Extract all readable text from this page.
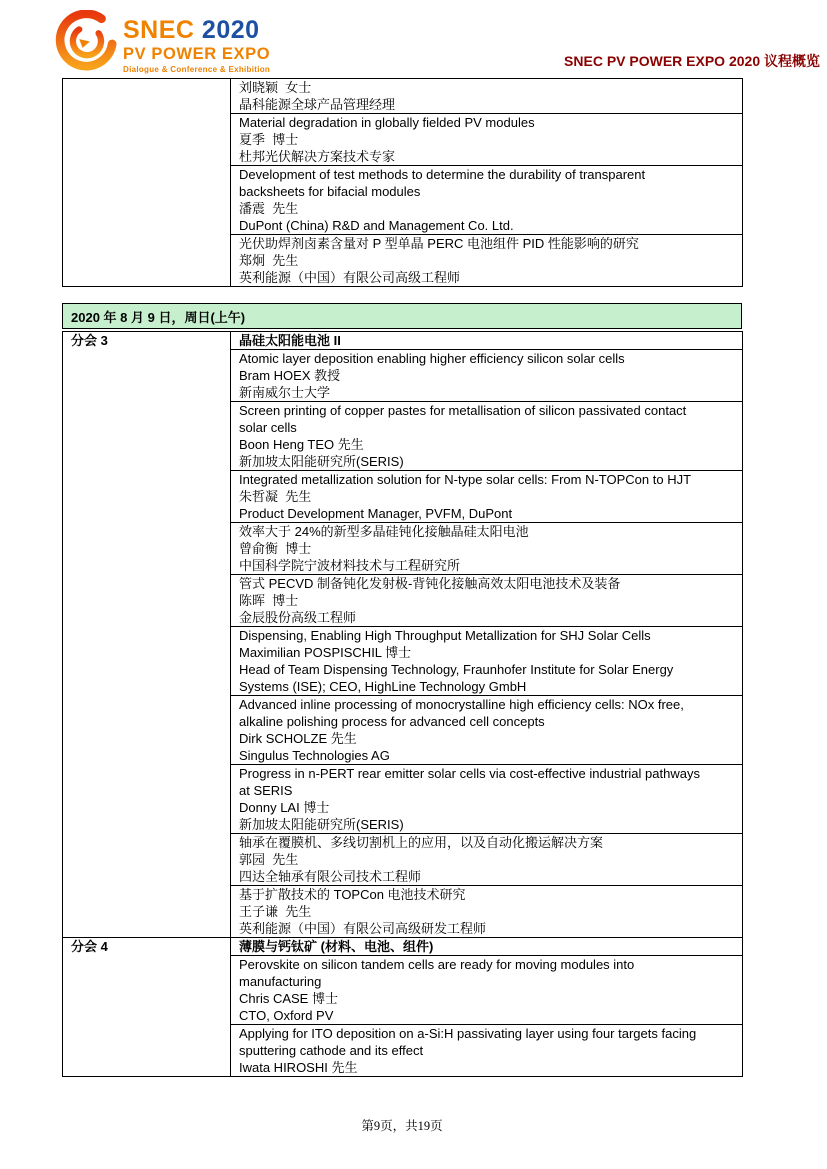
SNEC 2020
PV POWER EXPO
Dialogue & Conference & Exhibition	SNEC PV POWER EXPO 2020 议程概览

刘晓颖  女士
晶科能源全球产品管理经理

Material degradation in globally fielded PV modules
夏季  博士
杜邦光伏解决方案技术专家

Development of test methods to determine the durability of transparent
backsheets for bifacial modules
潘震  先生
DuPont (China) R&D and Management Co. Ltd.

光伏助焊剂卤素含量对 P 型单晶 PERC 电池组件 PID 性能影响的研究
郑炯  先生
英利能源（中国）有限公司高级工程师
2020 年 8 月 9 日，周日(上午)
分会 3	晶硅太阳能电池 II

	Atomic layer deposition enabling higher efficiency silicon solar cells
Bram HOEX 教授
新南威尔士大学

	Screen printing of copper pastes for metallisation of silicon passivated contact
solar cells
Boon Heng TEO 先生
新加坡太阳能研究所(SERIS)

	Integrated metallization solution for N-type solar cells: From N-TOPCon to HJT
朱哲凝  先生
Product Development Manager, PVFM, DuPont

	效率大于 24%的新型多晶硅钝化接触晶硅太阳电池
曾俞衡  博士
中国科学院宁波材料技术与工程研究所

	管式 PECVD 制备钝化发射极-背钝化接触高效太阳电池技术及装备
陈晖  博士
金辰股份高级工程师

	Dispensing, Enabling High Throughput Metallization for SHJ Solar Cells
Maximilian POSPISCHIL 博士
Head of Team Dispensing Technology, Fraunhofer Institute for Solar Energy
Systems (ISE); CEO, HighLine Technology GmbH

	Advanced inline processing of monocrystalline high efficiency cells: NOx free,
alkaline polishing process for advanced cell concepts
Dirk SCHOLZE 先生
Singulus Technologies AG

	Progress in n-PERT rear emitter solar cells via cost-effective industrial pathways
at SERIS
Donny LAI 博士
新加坡太阳能研究所(SERIS)

	轴承在覆膜机、多线切割机上的应用，以及自动化搬运解决方案
郭园  先生
四达全轴承有限公司技术工程师

	基于扩散技术的 TOPCon 电池技术研究
王子谦  先生
英利能源（中国）有限公司高级研发工程师

分会 4	薄膜与钙钛矿 (材料、电池、组件)

	Perovskite on silicon tandem cells are ready for moving modules into
manufacturing
Chris CASE 博士
CTO, Oxford PV

	Applying for ITO deposition on a-Si:H passivating layer using four targets facing
sputtering cathode and its effect
Iwata HIROSHI 先生
第9页，共19页
